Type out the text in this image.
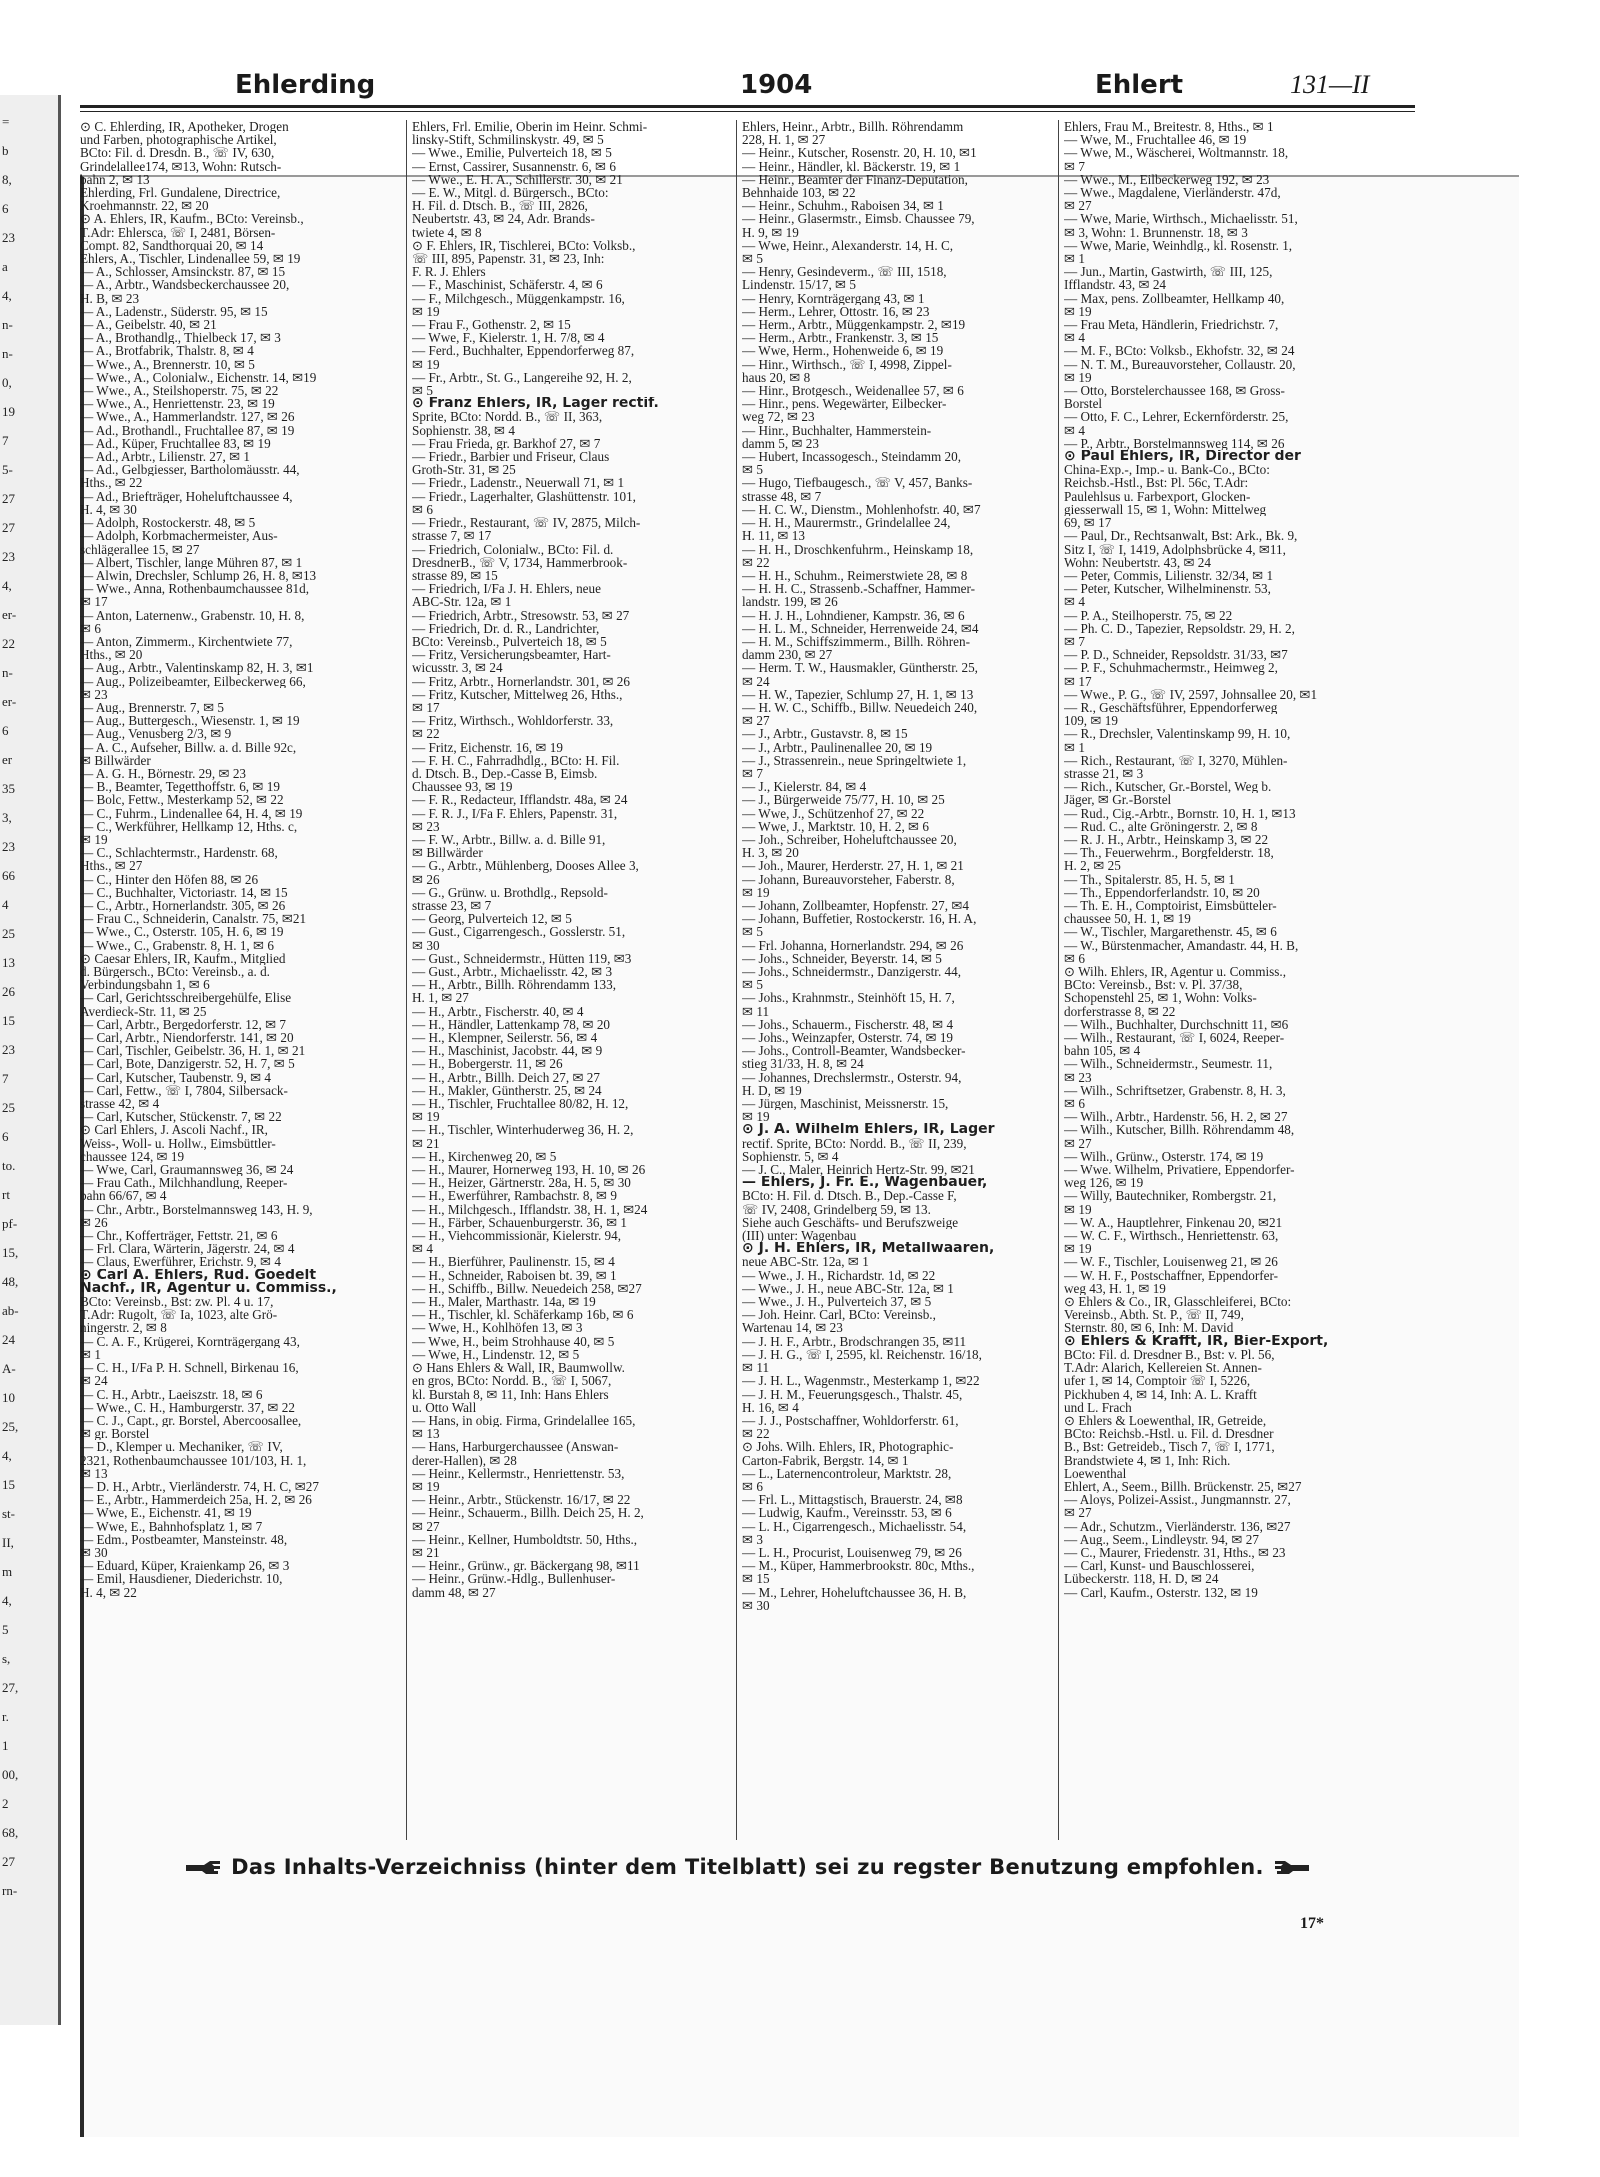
=
b
8,
6
23
a
4,
n-
n-
0,
19
7
5-
27
27
23
4,
er-
22
n-
er-
6
er
35
3,
23
66
4
25
13
26
15
23
7
25
6
to.
rt
pf-
15,
48,
ab-
24
A-
10
25,
4,
15
st-
II,
m
4,
5
s,
27,
r.
1
00,
2
68,
27
rn-
Ehlerding	1904	Ehlert	131—II
⊙ C. Ehlerding, IR, Apotheker, Drogen
und Farben, photographische Artikel,
BCto: Fil. d. Dresdn. B., ☏ IV, 630,
Grindelallee174, ✉13, Wohn: Rutsch-
bahn 2, ✉ 13
Ehlerding, Frl. Gundalene, Directrice,
Kroehmannstr. 22, ✉ 20
⊙ A. Ehlers, IR, Kaufm., BCto: Vereinsb.,
T.Adr: Ehlersca, ☏ I, 2481, Börsen-
Compt. 82, Sandthorquai 20, ✉ 14
Ehlers, A., Tischler, Lindenallee 59, ✉ 19
— A., Schlosser, Amsinckstr. 87, ✉ 15
— A., Arbtr., Wandsbeckerchaussee 20,
H. B, ✉ 23
— A., Ladenstr., Süderstr. 95, ✉ 15
— A., Geibelstr. 40, ✉ 21
— A., Brothandlg., Thielbeck 17, ✉ 3
— A., Brotfabrik, Thalstr. 8, ✉ 4
— Wwe., A., Brennerstr. 10, ✉ 5
— Wwe., A., Colonialw., Eichenstr. 14, ✉19
— Wwe., A., Steilshoperstr. 75, ✉ 22
— Wwe., A., Henriettenstr. 23, ✉ 19
— Wwe., A., Hammerlandstr. 127, ✉ 26
— Ad., Brothandl., Fruchtallee 87, ✉ 19
— Ad., Küper, Fruchtallee 83, ✉ 19
— Ad., Arbtr., Lilienstr. 27, ✉ 1
— Ad., Gelbgiesser, Bartholomäusstr. 44,
Hths., ✉ 22
— Ad., Briefträger, Hoheluftchaussee 4,
H. 4, ✉ 30
— Adolph, Rostockerstr. 48, ✉ 5
— Adolph, Korbmachermeister, Aus-
schlägerallee 15, ✉ 27
— Albert, Tischler, lange Mühren 87, ✉ 1
— Alwin, Drechsler, Schlump 26, H. 8, ✉13
— Wwe., Anna, Rothenbaumchaussee 81d,
✉ 17
— Anton, Laternenw., Grabenstr. 10, H. 8,
✉ 6
— Anton, Zimmerm., Kirchentwiete 77,
Hths., ✉ 20
— Aug., Arbtr., Valentinskamp 82, H. 3, ✉1
— Aug., Polizeibeamter, Eilbeckerweg 66,
✉ 23
— Aug., Brennerstr. 7, ✉ 5
— Aug., Buttergesch., Wiesenstr. 1, ✉ 19
— Aug., Venusberg 2/3, ✉ 9
— A. C., Aufseher, Billw. a. d. Bille 92c,
✉ Billwärder
— A. G. H., Börnestr. 29, ✉ 23
— B., Beamter, Tegetthoffstr. 6, ✉ 19
— Bolc, Fettw., Mesterkamp 52, ✉ 22
— C., Fuhrm., Lindenallee 64, H. 4, ✉ 19
— C., Werkführer, Hellkamp 12, Hths. c,
✉ 19
— C., Schlachtermstr., Hardenstr. 68,
Hths., ✉ 27
— C., Hinter den Höfen 88, ✉ 26
— C., Buchhalter, Victoriastr. 14, ✉ 15
— C., Arbtr., Hornerlandstr. 305, ✉ 26
— Frau C., Schneiderin, Canalstr. 75, ✉21
— Wwe., C., Osterstr. 105, H. 6, ✉ 19
— Wwe., C., Grabenstr. 8, H. 1, ✉ 6
⊙ Caesar Ehlers, IR, Kaufm., Mitglied
d. Bürgersch., BCto: Vereinsb., a. d.
Verbindungsbahn 1, ✉ 6
— Carl, Gerichtsschreibergehülfe, Elise
Averdieck-Str. 11, ✉ 25
— Carl, Arbtr., Bergedorferstr. 12, ✉ 7
— Carl, Arbtr., Niendorferstr. 141, ✉ 20
— Carl, Tischler, Geibelstr. 36, H. 1, ✉ 21
— Carl, Bote, Danzigerstr. 52, H. 7, ✉ 5
— Carl, Kutscher, Taubenstr. 9, ✉ 4
— Carl, Fettw., ☏ I, 7804, Silbersack-
strasse 42, ✉ 4
— Carl, Kutscher, Stückenstr. 7, ✉ 22
⊙ Carl Ehlers, J. Ascoli Nachf., IR,
Weiss-, Woll- u. Hollw., Eimsbüttler-
chaussee 124, ✉ 19
— Wwe, Carl, Graumannsweg 36, ✉ 24
— Frau Cath., Milchhandlung, Reeper-
bahn 66/67, ✉ 4
— Chr., Arbtr., Borstelmannsweg 143, H. 9,
✉ 26
— Chr., Kofferträger, Fettstr. 21, ✉ 6
— Frl. Clara, Wärterin, Jägerstr. 24, ✉ 4
— Claus, Ewerführer, Erichstr. 9, ✉ 4
⊙ Carl A. Ehlers, Rud. Goedelt
Nachf., IR, Agentur u. Commiss.,
BCto: Vereinsb., Bst: zw. Pl. 4 u. 17,
T.Adr: Rugolt, ☏ Ia, 1023, alte Grö-
ningerstr. 2, ✉ 8
— C. A. F., Krügerei, Kornträgergang 43,
✉ 1
— C. H., I/Fa P. H. Schnell, Birkenau 16,
✉ 24
— C. H., Arbtr., Laeiszstr. 18, ✉ 6
— Wwe., C. H., Hamburgerstr. 37, ✉ 22
— C. J., Capt., gr. Borstel, Abercoosallee,
✉ gr. Borstel
— D., Klemper u. Mechaniker, ☏ IV,
2321, Rothenbaumchaussee 101/103, H. 1,
✉ 13
— D. H., Arbtr., Vierländerstr. 74, H. C, ✉27
— E., Arbtr., Hammerdeich 25a, H. 2, ✉ 26
— Wwe, E., Eichenstr. 41, ✉ 19
— Wwe, E., Bahnhofsplatz 1, ✉ 7
— Edm., Postbeamter, Mansteinstr. 48,
✉ 30
— Eduard, Küper, Kraienkamp 26, ✉ 3
— Emil, Hausdiener, Diederichstr. 10,
H. 4, ✉ 22
Ehlers, Frl. Emilie, Oberin im Heinr. Schmi-
linsky-Stift, Schmilinskystr. 49, ✉ 5
— Wwe., Emilie, Pulverteich 18, ✉ 5
— Ernst, Cassirer, Susannenstr. 6, ✉ 6
— Wwe., E. H. A., Schillerstr. 30, ✉ 21
— E. W., Mitgl. d. Bürgersch., BCto:
H. Fil. d. Dtsch. B., ☏ III, 2826,
Neubertstr. 43, ✉ 24, Adr. Brands-
twiete 4, ✉ 8
⊙ F. Ehlers, IR, Tischlerei, BCto: Volksb.,
☏ III, 895, Papenstr. 31, ✉ 23, Inh:
F. R. J. Ehlers
— F., Maschinist, Schäferstr. 4, ✉ 6
— F., Milchgesch., Müggenkampstr. 16,
✉ 19
— Frau F., Gothenstr. 2, ✉ 15
— Wwe, F., Kielerstr. 1, H. 7/8, ✉ 4
— Ferd., Buchhalter, Eppendorferweg 87,
✉ 19
— Fr., Arbtr., St. G., Langereihe 92, H. 2,
✉ 5
⊙ Franz Ehlers, IR, Lager rectif.
Sprite, BCto: Nordd. B., ☏ II, 363,
Sophienstr. 38, ✉ 4
— Frau Frieda, gr. Barkhof 27, ✉ 7
— Friedr., Barbier und Friseur, Claus
Groth-Str. 31, ✉ 25
— Friedr., Ladenstr., Neuerwall 71, ✉ 1
— Friedr., Lagerhalter, Glashüttenstr. 101,
✉ 6
— Friedr., Restaurant, ☏ IV, 2875, Milch-
strasse 7, ✉ 17
— Friedrich, Colonialw., BCto: Fil. d.
DresdnerB., ☏ V, 1734, Hammerbrook-
strasse 89, ✉ 15
— Friedrich, I/Fa J. H. Ehlers, neue
ABC-Str. 12a, ✉ 1
— Friedrich, Arbtr., Stresowstr. 53, ✉ 27
— Friedrich, Dr. d. R., Landrichter,
BCto: Vereinsb., Pulverteich 18, ✉ 5
— Fritz, Versicherungsbeamter, Hart-
wicusstr. 3, ✉ 24
— Fritz, Arbtr., Hornerlandstr. 301, ✉ 26
— Fritz, Kutscher, Mittelweg 26, Hths.,
✉ 17
— Fritz, Wirthsch., Wohldorferstr. 33,
✉ 22
— Fritz, Eichenstr. 16, ✉ 19
— F. H. C., Fahrradhdlg., BCto: H. Fil.
d. Dtsch. B., Dep.-Casse B, Eimsb.
Chaussee 93, ✉ 19
— F. R., Redacteur, Ifflandstr. 48a, ✉ 24
— F. R. J., I/Fa F. Ehlers, Papenstr. 31,
✉ 23
— F. W., Arbtr., Billw. a. d. Bille 91,
✉ Billwärder
— G., Arbtr., Mühlenberg, Dooses Allee 3,
✉ 26
— G., Grünw. u. Brothdlg., Repsold-
strasse 23, ✉ 7
— Georg, Pulverteich 12, ✉ 5
— Gust., Cigarrengesch., Gosslerstr. 51,
✉ 30
— Gust., Schneidermstr., Hütten 119, ✉3
— Gust., Arbtr., Michaelisstr. 42, ✉ 3
— H., Arbtr., Billh. Röhrendamm 133,
H. 1, ✉ 27
— H., Arbtr., Fischerstr. 40, ✉ 4
— H., Händler, Lattenkamp 78, ✉ 20
— H., Klempner, Seilerstr. 56, ✉ 4
— H., Maschinist, Jacobstr. 44, ✉ 9
— H., Bobergerstr. 11, ✉ 26
— H., Arbtr., Billh. Deich 27, ✉ 27
— H., Makler, Güntherstr. 25, ✉ 24
— H., Tischler, Fruchtallee 80/82, H. 12,
✉ 19
— H., Tischler, Winterhuderweg 36, H. 2,
✉ 21
— H., Kirchenweg 20, ✉ 5
— H., Maurer, Hornerweg 193, H. 10, ✉ 26
— H., Heizer, Gärtnerstr. 28a, H. 5, ✉ 30
— H., Ewerführer, Rambachstr. 8, ✉ 9
— H., Milchgesch., Ifflandstr. 38, H. 1, ✉24
— H., Färber, Schauenburgerstr. 36, ✉ 1
— H., Viehcommissionär, Kielerstr. 94,
✉ 4
— H., Bierführer, Paulinenstr. 15, ✉ 4
— H., Schneider, Raboisen bt. 39, ✉ 1
— H., Schiffb., Billw. Neuedeich 258, ✉27
— H., Maler, Marthastr. 14a, ✉ 19
— H., Tischler, kl. Schäferkamp 16b, ✉ 6
— Wwe, H., Kohlhöfen 13, ✉ 3
— Wwe, H., beim Strohhause 40, ✉ 5
— Wwe, H., Lindenstr. 12, ✉ 5
⊙ Hans Ehlers & Wall, IR, Baumwollw.
en gros, BCto: Nordd. B., ☏ I, 5067,
kl. Burstah 8, ✉ 11, Inh: Hans Ehlers
u. Otto Wall
— Hans, in obig. Firma, Grindelallee 165,
✉ 13
— Hans, Harburgerchaussee (Answan-
derer-Hallen), ✉ 28
— Heinr., Kellermstr., Henriettenstr. 53,
✉ 19
— Heinr., Arbtr., Stückenstr. 16/17, ✉ 22
— Heinr., Schauerm., Billh. Deich 25, H. 2,
✉ 27
— Heinr., Kellner, Humboldtstr. 50, Hths.,
✉ 21
— Heinr., Grünw., gr. Bäckergang 98, ✉11
— Heinr., Grünw.-Hdlg., Bullenhuser-
damm 48, ✉ 27
Ehlers, Heinr., Arbtr., Billh. Röhrendamm
228, H. 1, ✉ 27
— Heinr., Kutscher, Rosenstr. 20, H. 10, ✉1
— Heinr., Händler, kl. Bäckerstr. 19, ✉ 1
— Heinr., Beamter der Finanz-Deputation,
Behnhaide 103, ✉ 22
— Heinr., Schuhm., Raboisen 34, ✉ 1
— Heinr., Glasermstr., Eimsb. Chaussee 79,
H. 9, ✉ 19
— Wwe, Heinr., Alexanderstr. 14, H. C,
✉ 5
— Henry, Gesindeverm., ☏ III, 1518,
Lindenstr. 15/17, ✉ 5
— Henry, Kornträgergang 43, ✉ 1
— Herm., Lehrer, Ottostr. 16, ✉ 23
— Herm., Arbtr., Müggenkampstr. 2, ✉19
— Herm., Arbtr., Frankenstr. 3, ✉ 15
— Wwe, Herm., Hohenweide 6, ✉ 19
— Hinr., Wirthsch., ☏ I, 4998, Zippel-
haus 20, ✉ 8
— Hinr., Brotgesch., Weidenallee 57, ✉ 6
— Hinr., pens. Wegewärter, Eilbecker-
weg 72, ✉ 23
— Hinr., Buchhalter, Hammerstein-
damm 5, ✉ 23
— Hubert, Incassogesch., Steindamm 20,
✉ 5
— Hugo, Tiefbaugesch., ☏ V, 457, Banks-
strasse 48, ✉ 7
— H. C. W., Dienstm., Mohlenhofstr. 40, ✉7
— H. H., Maurermstr., Grindelallee 24,
H. 11, ✉ 13
— H. H., Droschkenfuhrm., Heinskamp 18,
✉ 22
— H. H., Schuhm., Reimerstwiete 28, ✉ 8
— H. H. C., Strassenb.-Schaffner, Hammer-
landstr. 199, ✉ 26
— H. J. H., Lohndiener, Kampstr. 36, ✉ 6
— H. L. M., Schneider, Herrenweide 24, ✉4
— H. M., Schiffszimmerm., Billh. Röhren-
damm 230, ✉ 27
— Herm. T. W., Hausmakler, Güntherstr. 25,
✉ 24
— H. W., Tapezier, Schlump 27, H. 1, ✉ 13
— H. W. C., Schiffb., Billw. Neuedeich 240,
✉ 27
— J., Arbtr., Gustavstr. 8, ✉ 15
— J., Arbtr., Paulinenallee 20, ✉ 19
— J., Strassenrein., neue Springeltwiete 1,
✉ 7
— J., Kielerstr. 84, ✉ 4
— J., Bürgerweide 75/77, H. 10, ✉ 25
— Wwe, J., Schützenhof 27, ✉ 22
— Wwe, J., Marktstr. 10, H. 2, ✉ 6
— Joh., Schreiber, Hoheluftchaussee 20,
H. 3, ✉ 20
— Joh., Maurer, Herderstr. 27, H. 1, ✉ 21
— Johann, Bureauvorsteher, Faberstr. 8,
✉ 19
— Johann, Zollbeamter, Hopfenstr. 27, ✉4
— Johann, Buffetier, Rostockerstr. 16, H. A,
✉ 5
— Frl. Johanna, Hornerlandstr. 294, ✉ 26
— Johs., Schneider, Beyerstr. 14, ✉ 5
— Johs., Schneidermstr., Danzigerstr. 44,
✉ 5
— Johs., Krahnmstr., Steinhöft 15, H. 7,
✉ 11
— Johs., Schauerm., Fischerstr. 48, ✉ 4
— Johs., Weinzapfer, Osterstr. 74, ✉ 19
— Johs., Controll-Beamter, Wandsbecker-
stieg 31/33, H. 8, ✉ 24
— Johannes, Drechslermstr., Osterstr. 94,
H. D, ✉ 19
— Jürgen, Maschinist, Meissnerstr. 15,
✉ 19
⊙ J. A. Wilhelm Ehlers, IR, Lager
rectif. Sprite, BCto: Nordd. B., ☏ II, 239,
Sophienstr. 5, ✉ 4
— J. C., Maler, Heinrich Hertz-Str. 99, ✉21
— Ehlers, J. Fr. E., Wagenbauer,
BCto: H. Fil. d. Dtsch. B., Dep.-Casse F,
☏ IV, 2408, Grindelberg 59, ✉ 13.
Siehe auch Geschäfts- und Berufszweige
(III) unter: Wagenbau
⊙ J. H. Ehlers, IR, Metallwaaren,
neue ABC-Str. 12a, ✉ 1
— Wwe., J. H., Richardstr. 1d, ✉ 22
— Wwe., J. H., neue ABC-Str. 12a, ✉ 1
— Wwe., J. H., Pulverteich 37, ✉ 5
— Joh. Heinr. Carl, BCto: Vereinsb.,
Wartenau 14, ✉ 23
— J. H. F., Arbtr., Brodschrangen 35, ✉11
— J. H. G., ☏ I, 2595, kl. Reichenstr. 16/18,
✉ 11
— J. H. L., Wagenmstr., Mesterkamp 1, ✉22
— J. H. M., Feuerungsgesch., Thalstr. 45,
H. 16, ✉ 4
— J. J., Postschaffner, Wohldorferstr. 61,
✉ 22
⊙ Johs. Wilh. Ehlers, IR, Photographic-
Carton-Fabrik, Bergstr. 14, ✉ 1
— L., Laternencontroleur, Marktstr. 28,
✉ 6
— Frl. L., Mittagstisch, Brauerstr. 24, ✉8
— Ludwig, Kaufm., Vereinsstr. 53, ✉ 6
— L. H., Cigarrengesch., Michaelisstr. 54,
✉ 3
— L. H., Procurist, Louisenweg 79, ✉ 26
— M., Küper, Hammerbrookstr. 80c, Mths.,
✉ 15
— M., Lehrer, Hoheluftchaussee 36, H. B,
✉ 30
Ehlers, Frau M., Breitestr. 8, Hths., ✉ 1
— Wwe, M., Fruchtallee 46, ✉ 19
— Wwe, M., Wäscherei, Woltmannstr. 18,
✉ 7
— Wwe., M., Eilbeckerweg 192, ✉ 23
— Wwe., Magdalene, Vierländerstr. 47d,
✉ 27
— Wwe, Marie, Wirthsch., Michaelisstr. 51,
✉ 3, Wohn: 1. Brunnenstr. 18, ✉ 3
— Wwe, Marie, Weinhdlg., kl. Rosenstr. 1,
✉ 1
— Jun., Martin, Gastwirth, ☏ III, 125,
Ifflandstr. 43, ✉ 24
— Max, pens. Zollbeamter, Hellkamp 40,
✉ 19
— Frau Meta, Händlerin, Friedrichstr. 7,
✉ 4
— M. F., BCto: Volksb., Ekhofstr. 32, ✉ 24
— N. T. M., Bureauvorsteher, Collaustr. 20,
✉ 19
— Otto, Borstelerchaussee 168, ✉ Gross-
Borstel
— Otto, F. C., Lehrer, Eckernförderstr. 25,
✉ 4
— P., Arbtr., Borstelmannsweg 114, ✉ 26
⊙ Paul Ehlers, IR, Director der
China-Exp.-, Imp.- u. Bank-Co., BCto:
Reichsb.-Hstl., Bst: Pl. 56c, T.Adr:
Paulehlsus u. Farbexport, Glocken-
giesserwall 15, ✉ 1, Wohn: Mittelweg
69, ✉ 17
— Paul, Dr., Rechtsanwalt, Bst: Ark., Bk. 9,
Sitz I, ☏ I, 1419, Adolphsbrücke 4, ✉11,
Wohn: Neubertstr. 43, ✉ 24
— Peter, Commis, Lilienstr. 32/34, ✉ 1
— Peter, Kutscher, Wilhelminenstr. 53,
✉ 4
— P. A., Steilhoperstr. 75, ✉ 22
— Ph. C. D., Tapezier, Repsoldstr. 29, H. 2,
✉ 7
— P. D., Schneider, Repsoldstr. 31/33, ✉7
— P. F., Schuhmachermstr., Heimweg 2,
✉ 17
— Wwe., P. G., ☏ IV, 2597, Johnsallee 20, ✉1
— R., Geschäftsführer, Eppendorferweg
109, ✉ 19
— R., Drechsler, Valentinskamp 99, H. 10,
✉ 1
— Rich., Restaurant, ☏ I, 3270, Mühlen-
strasse 21, ✉ 3
— Rich., Kutscher, Gr.-Borstel, Weg b.
Jäger, ✉ Gr.-Borstel
— Rud., Cig.-Arbtr., Bornstr. 10, H. 1, ✉13
— Rud. C., alte Gröningerstr. 2, ✉ 8
— R. J. H., Arbtr., Heinskamp 3, ✉ 22
— Th., Feuerwehrm., Borgfelderstr. 18,
H. 2, ✉ 25
— Th., Spitalerstr. 85, H. 5, ✉ 1
— Th., Eppendorferlandstr. 10, ✉ 20
— Th. E. H., Comptoirist, Eimsbütteler-
chaussee 50, H. 1, ✉ 19
— W., Tischler, Margarethenstr. 45, ✉ 6
— W., Bürstenmacher, Amandastr. 44, H. B,
✉ 6
⊙ Wilh. Ehlers, IR, Agentur u. Commiss.,
BCto: Vereinsb., Bst: v. Pl. 37/38,
Schopenstehl 25, ✉ 1, Wohn: Volks-
dorferstrasse 8, ✉ 22
— Wilh., Buchhalter, Durchschnitt 11, ✉6
— Wilh., Restaurant, ☏ I, 6024, Reeper-
bahn 105, ✉ 4
— Wilh., Schneidermstr., Seumestr. 11,
✉ 23
— Wilh., Schriftsetzer, Grabenstr. 8, H. 3,
✉ 6
— Wilh., Arbtr., Hardenstr. 56, H. 2, ✉ 27
— Wilh., Kutscher, Billh. Röhrendamm 48,
✉ 27
— Wilh., Grünw., Osterstr. 174, ✉ 19
— Wwe. Wilhelm, Privatiere, Eppendorfer-
weg 126, ✉ 19
— Willy, Bautechniker, Rombergstr. 21,
✉ 19
— W. A., Hauptlehrer, Finkenau 20, ✉21
— W. C. F., Wirthsch., Henriettenstr. 63,
✉ 19
— W. F., Tischler, Louisenweg 21, ✉ 26
— W. H. F., Postschaffner, Eppendorfer-
weg 43, H. 1, ✉ 19
⊙ Ehlers & Co., IR, Glasschleiferei, BCto:
Vereinsb., Abth. St. P., ☏ II, 749,
Sternstr. 80, ✉ 6, Inh: M. David
⊙ Ehlers & Krafft, IR, Bier-Export,
BCto: Fil. d. Dresdner B., Bst: v. Pl. 56,
T.Adr: Alarich, Kellereien St. Annen-
ufer 1, ✉ 14, Comptoir ☏ I, 5226,
Pickhuben 4, ✉ 14, Inh: A. L. Krafft
und L. Frach
⊙ Ehlers & Loewenthal, IR, Getreide,
BCto: Reichsb.-Hstl. u. Fil. d. Dresdner
B., Bst: Getreideb., Tisch 7, ☏ I, 1771,
Brandstwiete 4, ✉ 1, Inh: Rich.
Loewenthal
Ehlert, A., Seem., Billh. Brückenstr. 25, ✉27
— Aloys, Polizei-Assist., Jungmannstr. 27,
✉ 27
— Adr., Schutzm., Vierländerstr. 136, ✉27
— Aug., Seem., Lindleystr. 94, ✉ 27
— C., Maurer, Friedenstr. 31, Hths., ✉ 23
— Carl, Kunst- und Bauschlosserei,
Lübeckerstr. 118, H. D, ✉ 24
— Carl, Kaufm., Osterstr. 132, ✉ 19
Das Inhalts-Verzeichniss (hinter dem Titelblatt) sei zu regster Benutzung empfohlen.
17*
